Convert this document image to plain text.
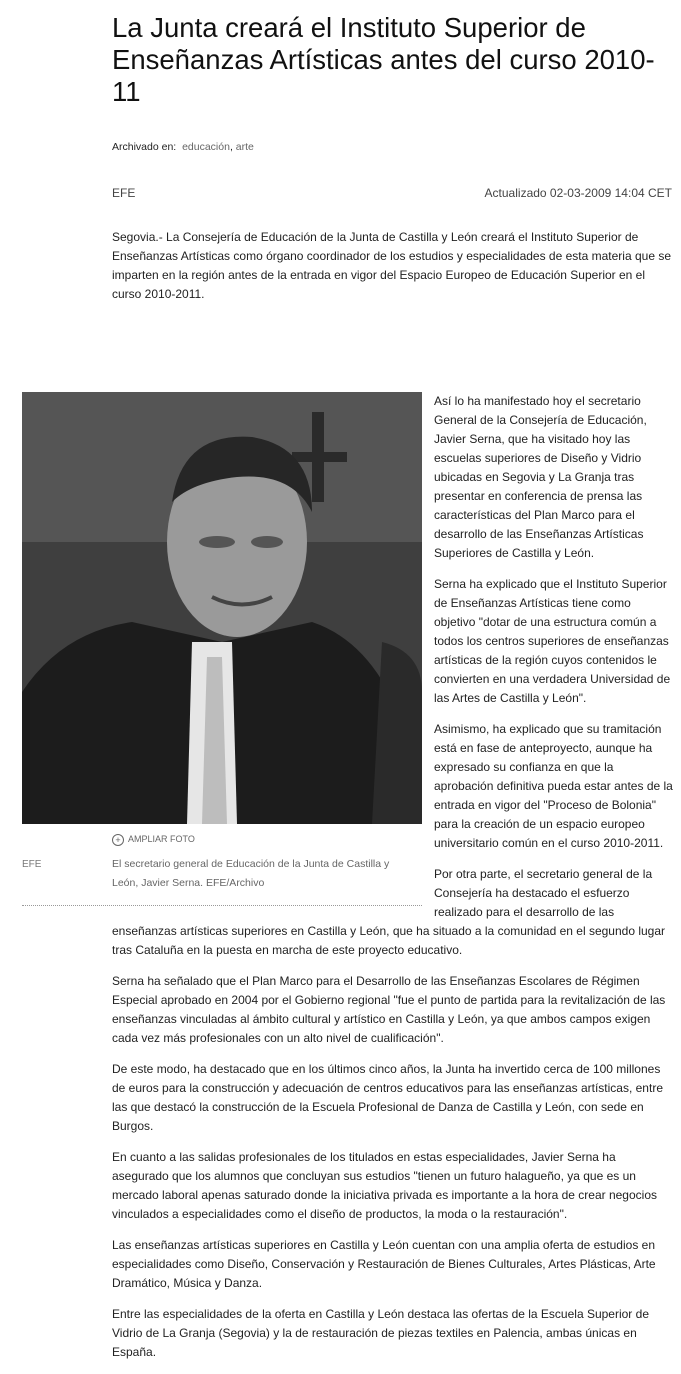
La Junta creará el Instituto Superior de Enseñanzas Artísticas antes del curso 2010-11
Archivado en: educación, arte
EFE	Actualizado 02-03-2009 14:04 CET

Segovia.- La Consejería de Educación de la Junta de Castilla y León creará el Instituto Superior de Enseñanzas Artísticas como órgano coordinador de los estudios y especialidades de esta materia que se imparten en la región antes de la entrada en vigor del Espacio Europeo de Educación Superior en el curso 2010-2011.

+ AMPLIAR FOTO
EFE	El secretario general de Educación de la Junta de Castilla y León, Javier Serna. EFE/Archivo

Así lo ha manifestado hoy el secretario General de la Consejería de Educación, Javier Serna, que ha visitado hoy las escuelas superiores de Diseño y Vidrio ubicadas en Segovia y La Granja tras presentar en conferencia de prensa las características del Plan Marco para el desarrollo de las Enseñanzas Artísticas Superiores de Castilla y León.

Serna ha explicado que el Instituto Superior de Enseñanzas Artísticas tiene como objetivo "dotar de una estructura común a todos los centros superiores de enseñanzas artísticas de la región cuyos contenidos le convierten en una verdadera Universidad de las Artes de Castilla y León".

Asimismo, ha explicado que su tramitación está en fase de anteproyecto, aunque ha expresado su confianza en que la aprobación definitiva pueda estar antes de la entrada en vigor del "Proceso de Bolonia" para la creación de un espacio europeo universitario común en el curso 2010-2011.

Por otra parte, el secretario general de la Consejería ha destacado el esfuerzo realizado para el desarrollo de las enseñanzas artísticas superiores en Castilla y León, que ha situado a la comunidad en el segundo lugar tras Cataluña en la puesta en marcha de este proyecto educativo.

Serna ha señalado que el Plan Marco para el Desarrollo de las Enseñanzas Escolares de Régimen Especial aprobado en 2004 por el Gobierno regional "fue el punto de partida para la revitalización de las enseñanzas vinculadas al ámbito cultural y artístico en Castilla y León, ya que ambos campos exigen cada vez más profesionales con un alto nivel de cualificación".

De este modo, ha destacado que en los últimos cinco años, la Junta ha invertido cerca de 100 millones de euros para la construcción y adecuación de centros educativos para las enseñanzas artísticas, entre las que destacó la construcción de la Escuela Profesional de Danza de Castilla y León, con sede en Burgos.

En cuanto a las salidas profesionales de los titulados en estas especialidades, Javier Serna ha asegurado que los alumnos que concluyan sus estudios "tienen un futuro halagueño, ya que es un mercado laboral apenas saturado donde la iniciativa privada es importante a la hora de crear negocios vinculados a especialidades como el diseño de productos, la moda o la restauración".

Las enseñanzas artísticas superiores en Castilla y León cuentan con una amplia oferta de estudios en especialidades como Diseño, Conservación y Restauración de Bienes Culturales, Artes Plásticas, Arte Dramático, Música y Danza.

Entre las especialidades de la oferta en Castilla y León destaca las ofertas de la Escuela Superior de Vidrio de La Granja (Segovia) y la de restauración de piezas textiles en Palencia, ambas únicas en España.
